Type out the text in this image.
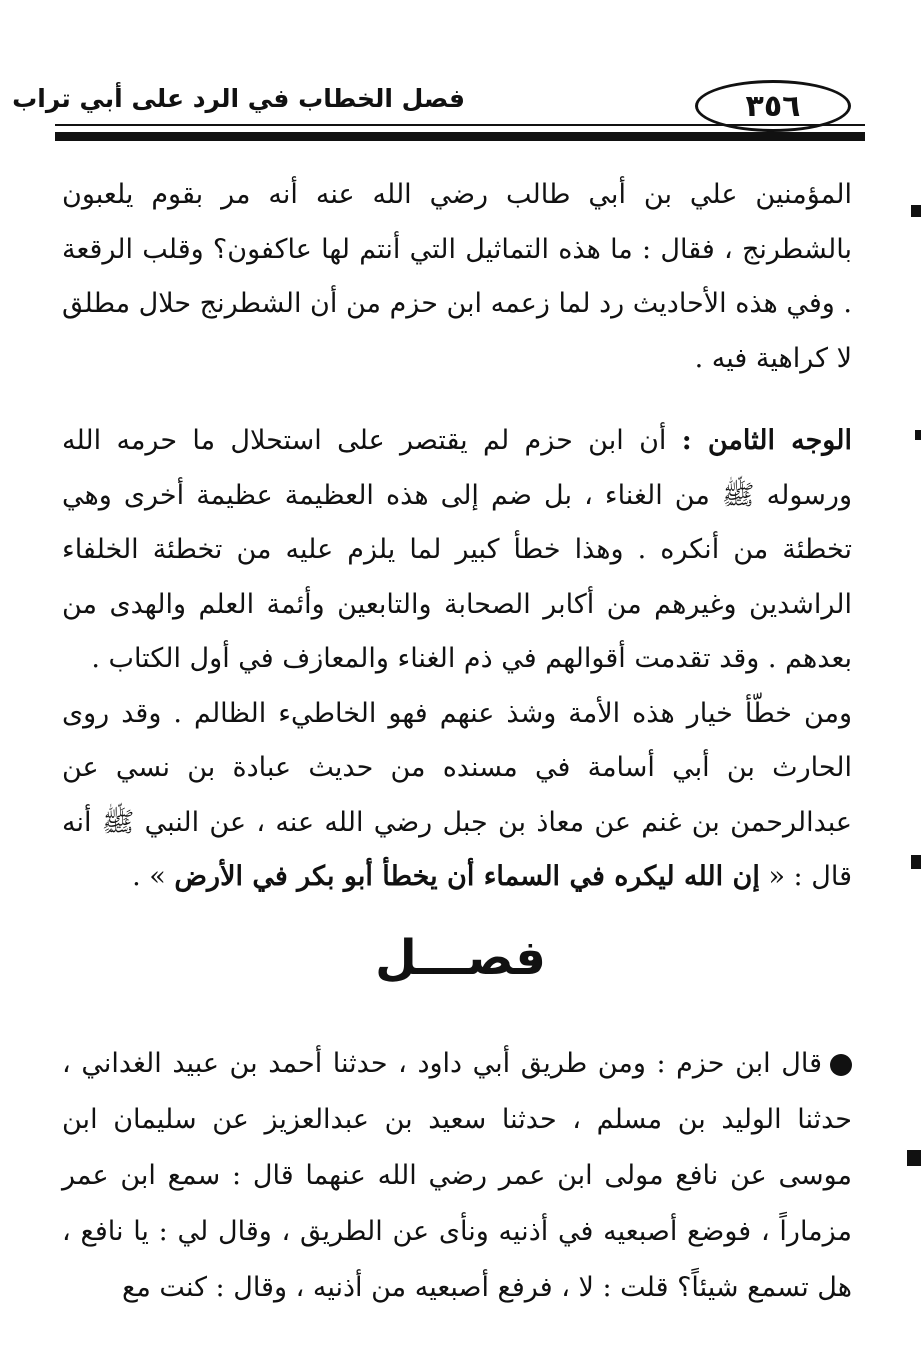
فصل الخطاب في الرد على أبي تراب	٣٥٦

المؤمنين علي بن أبي طالب رضي الله عنه أنه مر بقوم يلعبون بالشطرنج ، فقال : ما هذه التماثيل التي أنتم لها عاكفون؟ وقلب الرقعة . وفي هذه الأحاديث رد لما زعمه ابن حزم من أن الشطرنج حلال مطلق لا كراهية فيه .

الوجه الثامن : أن ابن حزم لم يقتصر على استحلال ما حرمه الله ورسوله ﷺ من الغناء ، بل ضم إلى هذه العظيمة عظيمة أخرى وهي تخطئة من أنكره . وهذا خطأ كبير لما يلزم عليه من تخطئة الخلفاء الراشدين وغيرهم من أكابر الصحابة والتابعين وأئمة العلم والهدى من بعدهم . وقد تقدمت أقوالهم في ذم الغناء والمعازف في أول الكتاب .

ومن خطّأ خيار هذه الأمة وشذ عنهم فهو الخاطيء الظالم . وقد روى الحارث بن أبي أسامة في مسنده من حديث عبادة بن نسي عن عبدالرحمن بن غنم عن معاذ بن جبل رضي الله عنه ، عن النبي ﷺ أنه قال : « إن الله ليكره في السماء أن يخطأ أبو بكر في الأرض » .

فصـــل

قال ابن حزم : ومن طريق أبي داود ، حدثنا أحمد بن عبيد الغداني ، حدثنا الوليد بن مسلم ، حدثنا سعيد بن عبدالعزيز عن سليمان ابن موسى عن نافع مولى ابن عمر رضي الله عنهما قال : سمع ابن عمر مزماراً ، فوضع أصبعيه في أذنيه ونأى عن الطريق ، وقال لي : يا نافع ، هل تسمع شيئاً؟ قلت : لا ، فرفع أصبعيه من أذنيه ، وقال : كنت مع
